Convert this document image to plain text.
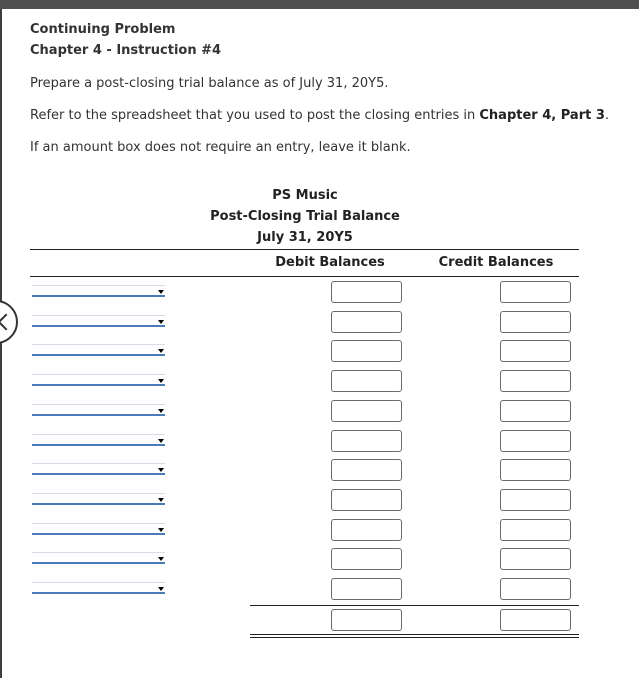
Continuing Problem
Chapter 4 - Instruction #4
Prepare a post-closing trial balance as of July 31, 20Y5.
Refer to the spreadsheet that you used to post the closing entries in Chapter 4, Part 3.
If an amount box does not require an entry, leave it blank.
PS Music
Post-Closing Trial Balance
July 31, 20Y5
Debit Balances	Credit Balances
